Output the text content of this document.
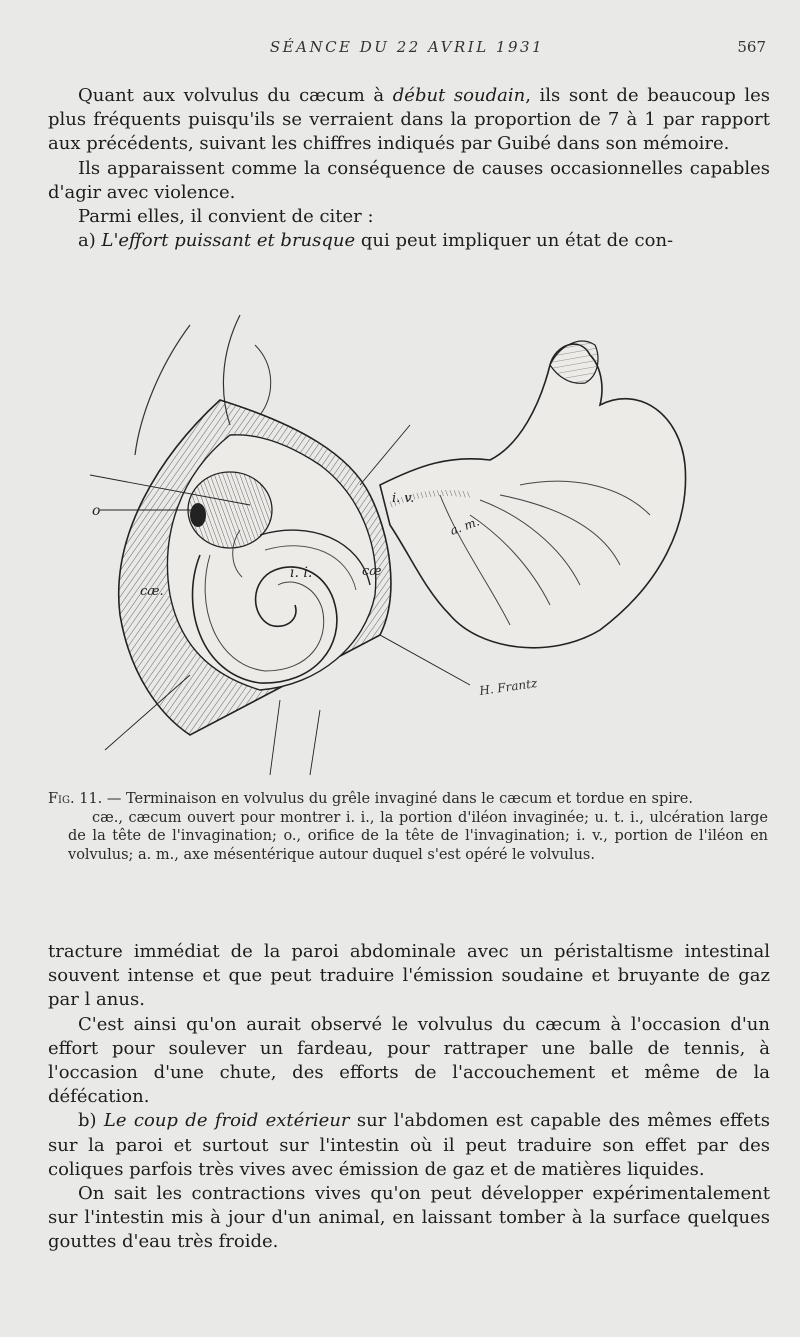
SÉANCE DU 22 AVRIL 1931	567

Quant aux volvulus du cæcum à début soudain, ils sont de beaucoup les plus fréquents puisqu'ils se verraient dans la proportion de 7 à 1 par rapport aux précédents, suivant les chiffres indiqués par Guibé dans son mémoire.

Ils apparaissent comme la conséquence de causes occasionnelles capables d'agir avec violence.

Parmi elles, il convient de citer :

a) L'effort puissant et brusque qui peut impliquer un état de con-

o
cæ.
i. i.	cæ
i. v.
a. m.
H. Frantz

Fig. 11. — Terminaison en volvulus du grêle invaginé dans le cæcum et tordue en spire.

cæ., cæcum ouvert pour montrer i. i., la portion d'iléon invaginée; u. t. i., ulcération large de la tête de l'invagination; o., orifice de la tête de l'invagination; i. v., portion de l'iléon en volvulus; a. m., axe mésentérique autour duquel s'est opéré le volvulus.

tracture immédiat de la paroi abdominale avec un péristaltisme intestinal souvent intense et que peut traduire l'émission soudaine et bruyante de gaz par l anus.

C'est ainsi qu'on aurait observé le volvulus du cæcum à l'occasion d'un effort pour soulever un fardeau, pour rattraper une balle de tennis, à l'occasion d'une chute, des efforts de l'accouchement et même de la défécation.

b) Le coup de froid extérieur sur l'abdomen est capable des mêmes effets sur la paroi et surtout sur l'intestin où il peut traduire son effet par des coliques parfois très vives avec émission de gaz et de matières liquides.

On sait les contractions vives qu'on peut développer expérimentalement sur l'intestin mis à jour d'un animal, en laissant tomber à la surface quelques gouttes d'eau très froide.
